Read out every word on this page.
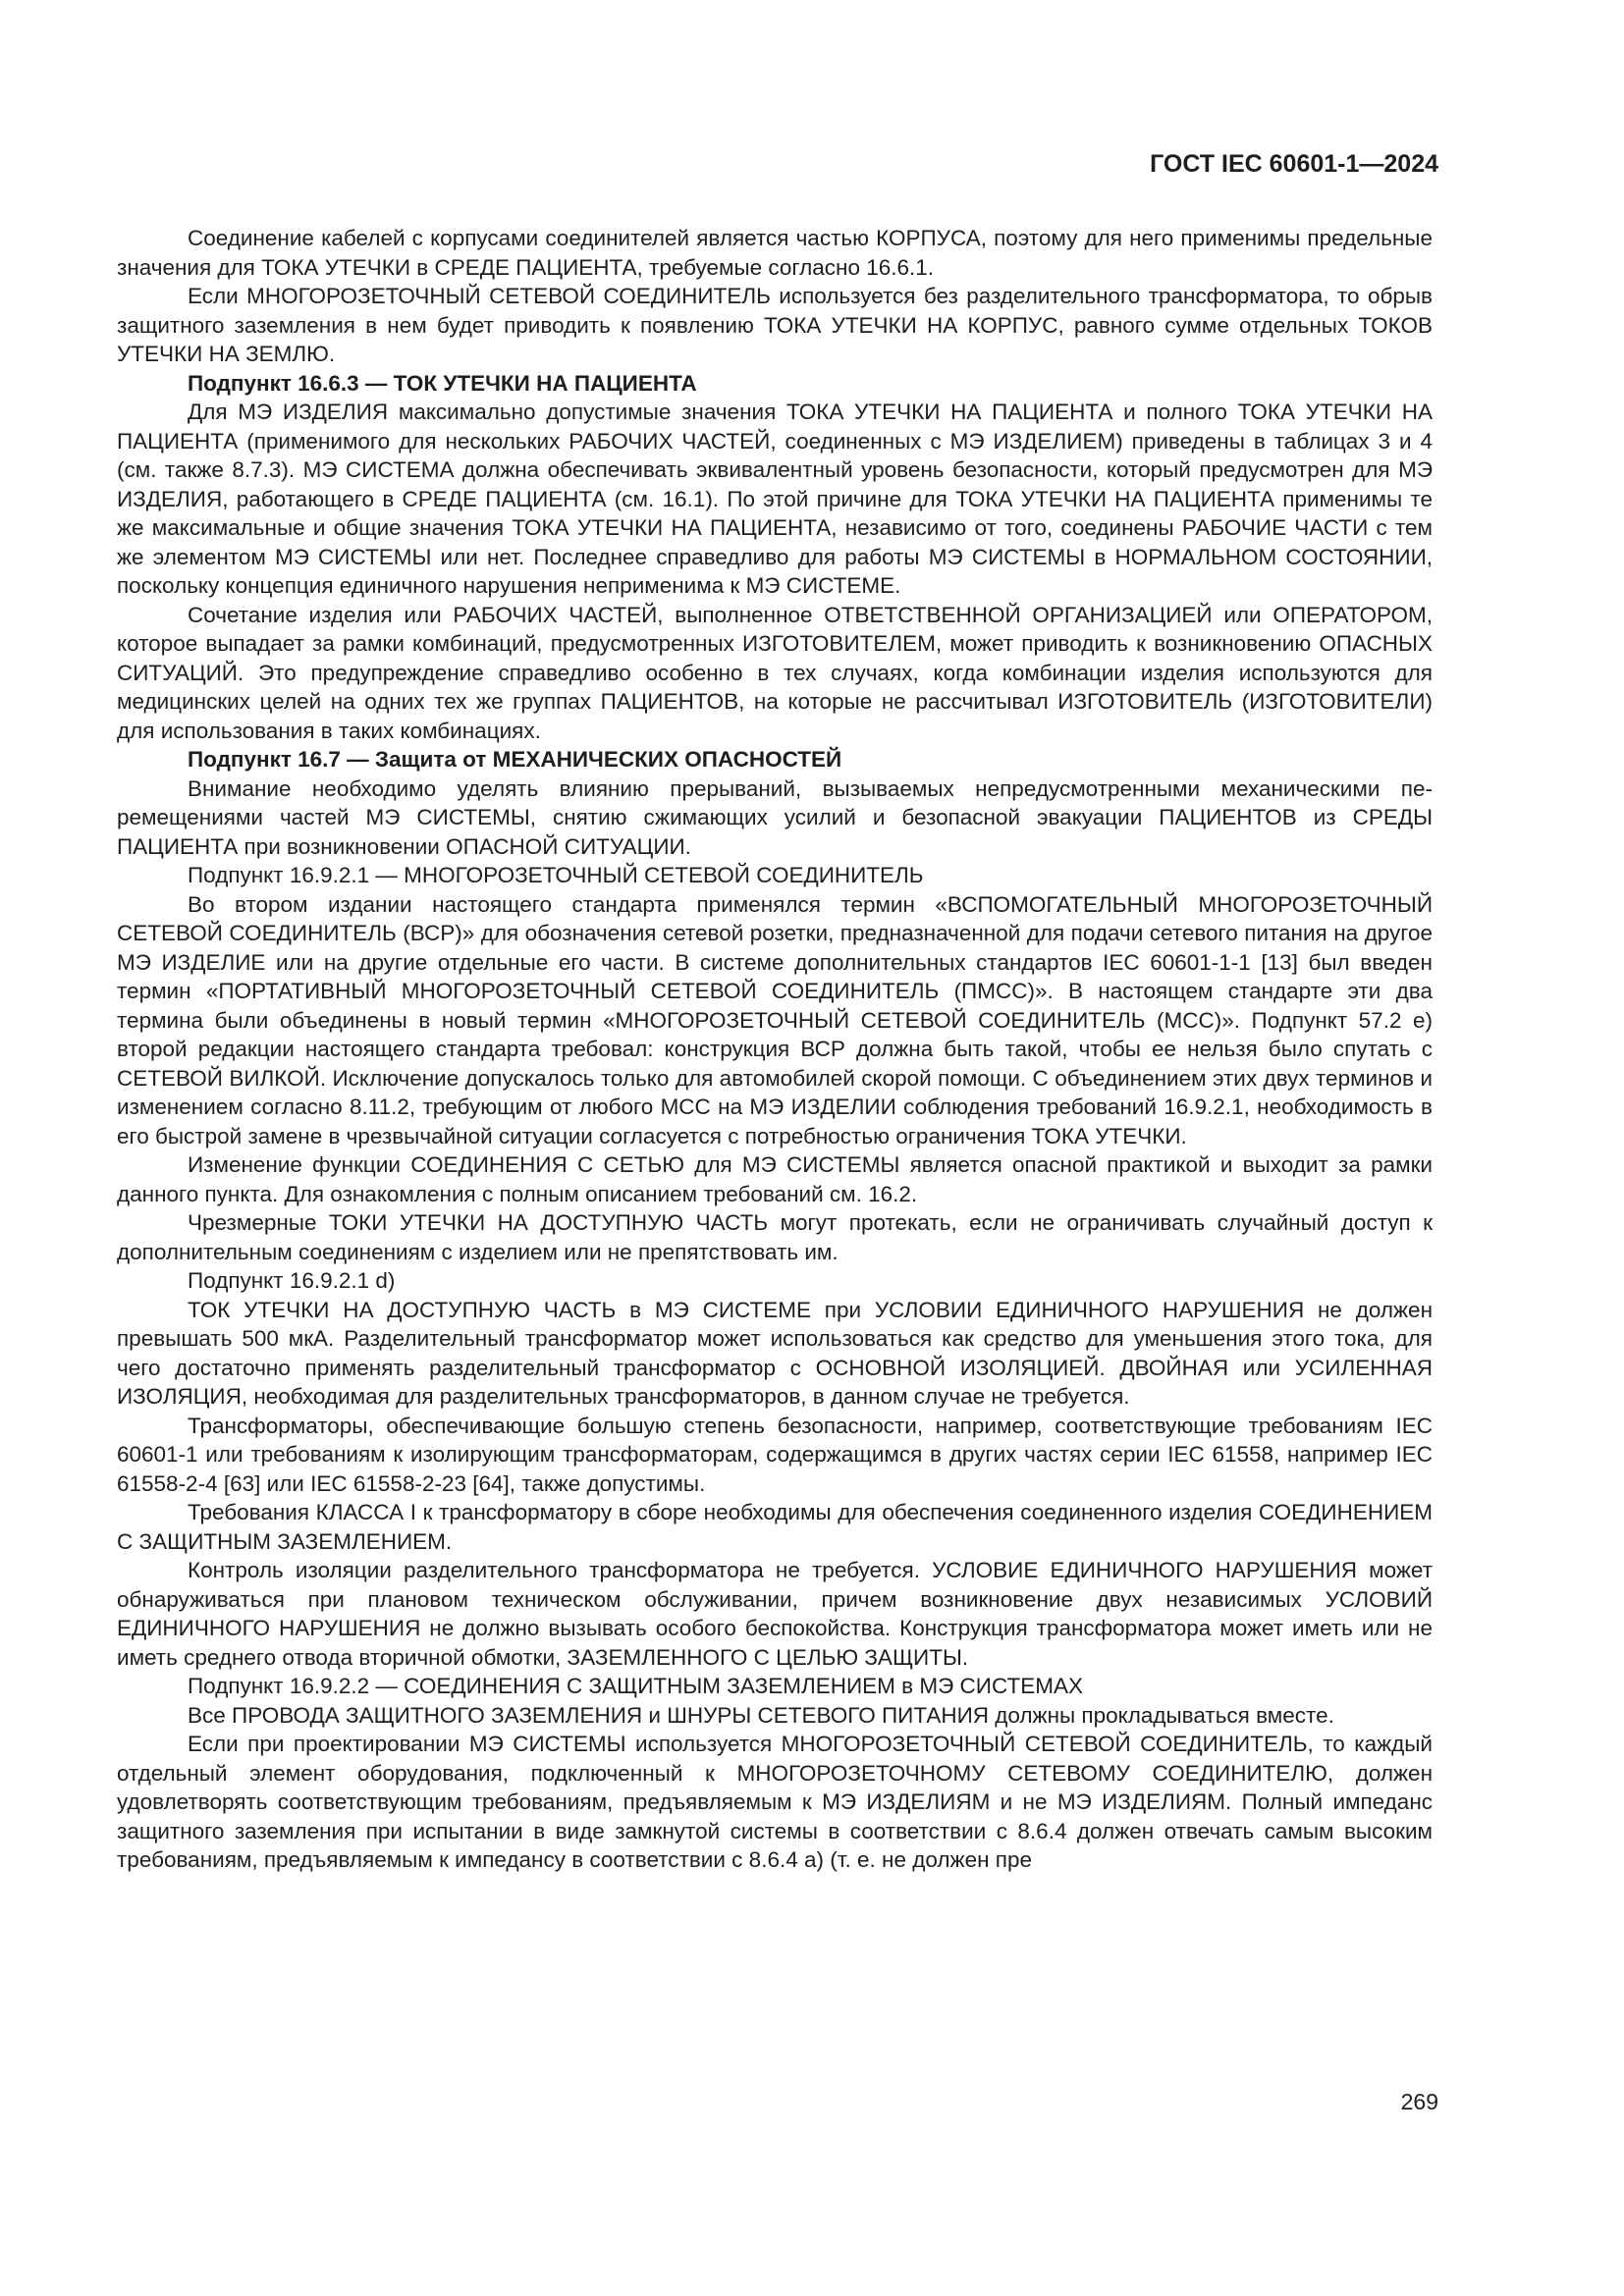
ГОСТ IEC 60601-1—2024

Соединение кабелей с корпусами соединителей является частью КОРПУСА, поэтому для него применимы предельные значения для ТОКА УТЕЧКИ в СРЕДЕ ПАЦИЕНТА, требуемые согласно 16.6.1.

Если МНОГОРОЗЕТОЧНЫЙ СЕТЕВОЙ СОЕДИНИТЕЛЬ используется без разделительного трансформатора, то обрыв защитного заземления в нем будет приводить к появлению ТОКА УТЕЧКИ НА КОРПУС, равного сумме отдельных ТОКОВ УТЕЧКИ НА ЗЕМЛЮ.

Подпункт 16.6.3 — ТОК УТЕЧКИ НА ПАЦИЕНТА

Для МЭ ИЗДЕЛИЯ максимально допустимые значения ТОКА УТЕЧКИ НА ПАЦИЕНТА и полного ТОКА УТЕЧКИ НА ПАЦИЕНТА (применимого для нескольких РАБОЧИХ ЧАСТЕЙ, соединенных с МЭ ИЗДЕЛИЕМ) приведены в таблицах 3 и 4 (см. также 8.7.3). МЭ СИСТЕМА должна обеспечивать эквивалентный уровень безопасности, который предусмотрен для МЭ ИЗДЕЛИЯ, работающего в СРЕДЕ ПАЦИЕНТА (см. 16.1). По этой причине для ТОКА УТЕЧКИ НА ПАЦИЕНТА применимы те же максимальные и общие значения ТОКА УТЕЧКИ НА ПАЦИЕНТА, независимо от того, соединены РАБОЧИЕ ЧАСТИ с тем же элементом МЭ СИСТЕМЫ или нет. Последнее справедливо для работы МЭ СИСТЕМЫ в НОРМАЛЬНОМ СОСТОЯНИИ, поскольку концепция единичного нарушения неприменима к МЭ СИСТЕМЕ.

Сочетание изделия или РАБОЧИХ ЧАСТЕЙ, выполненное ОТВЕТСТВЕННОЙ ОРГАНИЗАЦИЕЙ или ОПЕРАТОРОМ, которое выпадает за рамки комбинаций, предусмотренных ИЗГОТОВИТЕЛЕМ, может приводить к возникновению ОПАСНЫХ СИТУАЦИЙ. Это предупреждение справедливо особенно в тех случаях, когда комбинации изделия используются для медицинских целей на одних тех же группах ПАЦИЕНТОВ, на которые не рассчитывал ИЗГОТОВИТЕЛЬ (ИЗГОТОВИТЕЛИ) для использования в таких комбинациях.

Подпункт 16.7 — Защита от МЕХАНИЧЕСКИХ ОПАСНОСТЕЙ

Внимание необходимо уделять влиянию прерываний, вызываемых непредусмотренными механическими перемещениями частей МЭ СИСТЕМЫ, снятию сжимающих усилий и безопасной эвакуации ПАЦИЕНТОВ из СРЕДЫ ПАЦИЕНТА при возникновении ОПАСНОЙ СИТУАЦИИ.

Подпункт 16.9.2.1 — МНОГОРОЗЕТОЧНЫЙ СЕТЕВОЙ СОЕДИНИТЕЛЬ

Во втором издании настоящего стандарта применялся термин «ВСПОМОГАТЕЛЬНЫЙ МНОГОРОЗЕТОЧНЫЙ СЕТЕВОЙ СОЕДИНИТЕЛЬ (ВСР)» для обозначения сетевой розетки, предназначенной для подачи сетевого питания на другое МЭ ИЗДЕЛИЕ или на другие отдельные его части. В системе дополнительных стандартов IEC 60601-1-1 [13] был введен термин «ПОРТАТИВНЫЙ МНОГОРОЗЕТОЧНЫЙ СЕТЕВОЙ СОЕДИНИТЕЛЬ (ПМСС)». В настоящем стандарте эти два термина были объединены в новый термин «МНОГОРОЗЕТОЧНЫЙ СЕТЕВОЙ СОЕДИНИТЕЛЬ (МСС)». Подпункт 57.2 е) второй редакции настоящего стандарта требовал: конструкция ВСР должна быть такой, чтобы ее нельзя было спутать с СЕТЕВОЙ ВИЛКОЙ. Исключение допускалось только для автомобилей скорой помощи. С объединением этих двух терминов и изменением согласно 8.11.2, требующим от любого МСС на МЭ ИЗДЕЛИИ соблюдения требований 16.9.2.1, необходимость в его быстрой замене в чрезвычайной ситуации согласуется с потребностью ограничения ТОКА УТЕЧКИ.

Изменение функции СОЕДИНЕНИЯ С СЕТЬЮ для МЭ СИСТЕМЫ является опасной практикой и выходит за рамки данного пункта. Для ознакомления с полным описанием требований см. 16.2.

Чрезмерные ТОКИ УТЕЧКИ НА ДОСТУПНУЮ ЧАСТЬ могут протекать, если не ограничивать случайный доступ к дополнительным соединениям с изделием или не препятствовать им.

Подпункт 16.9.2.1 d)

ТОК УТЕЧКИ НА ДОСТУПНУЮ ЧАСТЬ в МЭ СИСТЕМЕ при УСЛОВИИ ЕДИНИЧНОГО НАРУШЕНИЯ не должен превышать 500 мкА. Разделительный трансформатор может использоваться как средство для уменьшения этого тока, для чего достаточно применять разделительный трансформатор с ОСНОВНОЙ ИЗОЛЯЦИЕЙ. ДВОЙНАЯ или УСИЛЕННАЯ ИЗОЛЯЦИЯ, необходимая для разделительных трансформаторов, в данном случае не требуется.

Трансформаторы, обеспечивающие большую степень безопасности, например, соответствующие требованиям IEC 60601-1 или требованиям к изолирующим трансформаторам, содержащимся в других частях серии IEC 61558, например IEC 61558-2-4 [63] или IEC 61558-2-23 [64], также допустимы.

Требования КЛАССА I к трансформатору в сборе необходимы для обеспечения соединенного изделия СОЕДИНЕНИЕМ С ЗАЩИТНЫМ ЗАЗЕМЛЕНИЕМ.

Контроль изоляции разделительного трансформатора не требуется. УСЛОВИЕ ЕДИНИЧНОГО НАРУШЕНИЯ может обнаруживаться при плановом техническом обслуживании, причем возникновение двух независимых УСЛОВИЙ ЕДИНИЧНОГО НАРУШЕНИЯ не должно вызывать особого беспокойства. Конструкция трансформатора может иметь или не иметь среднего отвода вторичной обмотки, ЗАЗЕМЛЕННОГО С ЦЕЛЬЮ ЗАЩИТЫ.

Подпункт 16.9.2.2 — СОЕДИНЕНИЯ С ЗАЩИТНЫМ ЗАЗЕМЛЕНИЕМ в МЭ СИСТЕМАХ

Все ПРОВОДА ЗАЩИТНОГО ЗАЗЕМЛЕНИЯ и ШНУРЫ СЕТЕВОГО ПИТАНИЯ должны прокладываться вместе.

Если при проектировании МЭ СИСТЕМЫ используется МНОГОРОЗЕТОЧНЫЙ СЕТЕВОЙ СОЕДИНИТЕЛЬ, то каждый отдельный элемент оборудования, подключенный к МНОГОРОЗЕТОЧНОМУ СЕТЕВОМУ СОЕДИНИТЕЛЮ, должен удовлетворять соответствующим требованиям, предъявляемым к МЭ ИЗДЕЛИЯМ и не МЭ ИЗДЕЛИЯМ. Полный импеданс защитного заземления при испытании в виде замкнутой системы в соответствии с 8.6.4 должен отвечать самым высоким требованиям, предъявляемым к импедансу в соответствии с 8.6.4 а) (т. е. не должен пре

269
